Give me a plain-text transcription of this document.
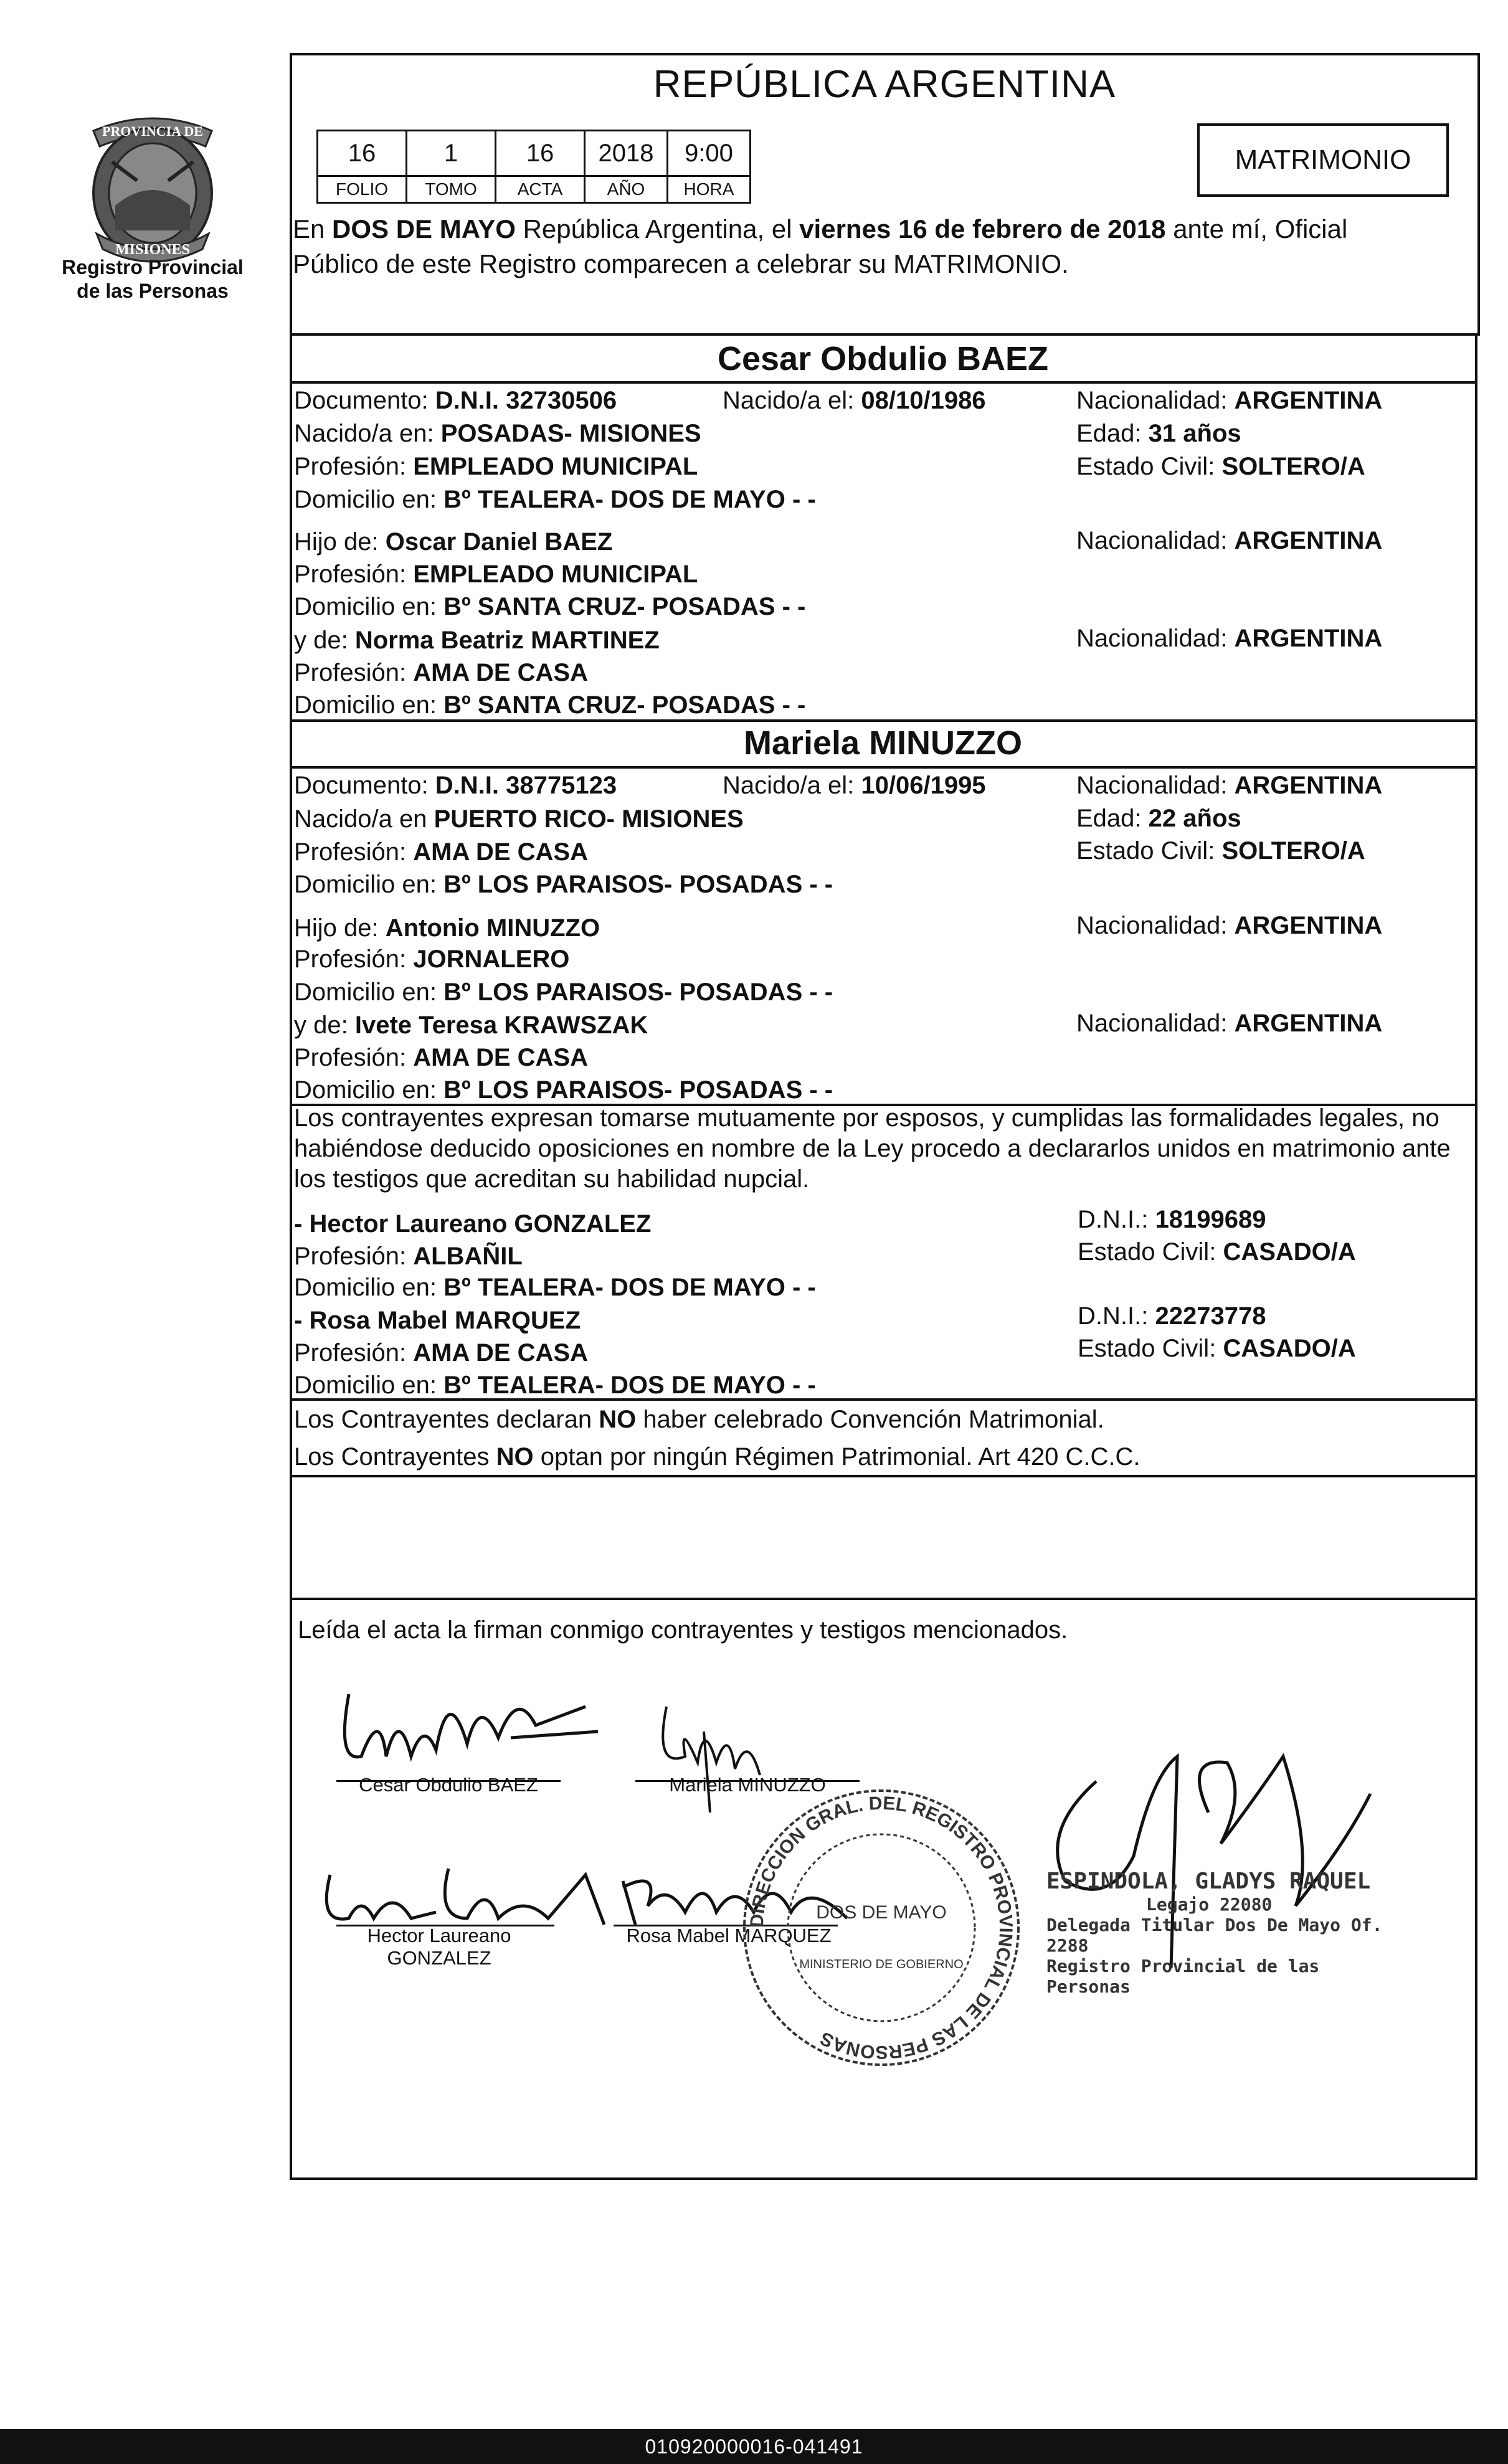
PROVINCIA DE
MISIONES
Registro Provincial de las Personas
REPÚBLICA ARGENTINA
16	1	16	2018	9:00
FOLIO	TOMO	ACTA	AÑO	HORA
MATRIMONIO
En DOS DE MAYO República Argentina, el viernes 16 de febrero de 2018 ante mí, Oficial
Público de este Registro comparecen a celebrar su MATRIMONIO.
Cesar Obdulio BAEZ
Documento: D.N.I. 32730506	Nacido/a el: 08/10/1986	Nacionalidad: ARGENTINA
Nacido/a en: POSADAS- MISIONES	Edad: 31 años
Profesión: EMPLEADO MUNICIPAL	Estado Civil: SOLTERO/A
Domicilio en: Bº TEALERA- DOS DE MAYO - -
Hijo de: Oscar Daniel BAEZ	Nacionalidad: ARGENTINA
Profesión: EMPLEADO MUNICIPAL
Domicilio en: Bº SANTA CRUZ- POSADAS - -
y de: Norma Beatriz MARTINEZ	Nacionalidad: ARGENTINA
Profesión: AMA DE CASA
Domicilio en: Bº SANTA CRUZ- POSADAS - -
Mariela MINUZZO
Documento: D.N.I. 38775123	Nacido/a el: 10/06/1995	Nacionalidad: ARGENTINA
Nacido/a en PUERTO RICO- MISIONES	Edad: 22 años
Profesión: AMA DE CASA	Estado Civil: SOLTERO/A
Domicilio en: Bº LOS PARAISOS- POSADAS - -
Hijo de: Antonio MINUZZO	Nacionalidad: ARGENTINA
Profesión: JORNALERO
Domicilio en: Bº LOS PARAISOS- POSADAS - -
y de: Ivete Teresa KRAWSZAK	Nacionalidad: ARGENTINA
Profesión: AMA DE CASA
Domicilio en: Bº LOS PARAISOS- POSADAS - -
Los contrayentes expresan tomarse mutuamente por esposos, y cumplidas las formalidades legales, no
habiéndose deducido oposiciones en nombre de la Ley procedo a declararlos unidos en matrimonio ante
los testigos que acreditan su habilidad nupcial.
- Hector Laureano GONZALEZ	D.N.I.: 18199689
Profesión: ALBAÑIL	Estado Civil: CASADO/A
Domicilio en: Bº TEALERA- DOS DE MAYO - -
- Rosa Mabel MARQUEZ	D.N.I.: 22273778
Profesión: AMA DE CASA	Estado Civil: CASADO/A
Domicilio en: Bº TEALERA- DOS DE MAYO - -
Los Contrayentes declaran NO haber celebrado Convención Matrimonial.
Los Contrayentes NO optan por ningún Régimen Patrimonial. Art 420 C.C.C.
Leída el acta la firman conmigo contrayentes y testigos mencionados.
Cesar Obdulio BAEZ	Mariela MINUZZO
Hector Laureano
GONZALEZ
Rosa Mabel MARQUEZ
DIRECCION GRAL. DEL REGISTRO PROVINCIAL DE LAS PERSONAS
DOS DE MAYO
MINISTERIO DE GOBIERNO
ESPINDOLA, GLADYS RAQUEL
Legajo 22080
Delegada Titular Dos De Mayo Of. 2288
Registro Provincial de las Personas
010920000016-041491
